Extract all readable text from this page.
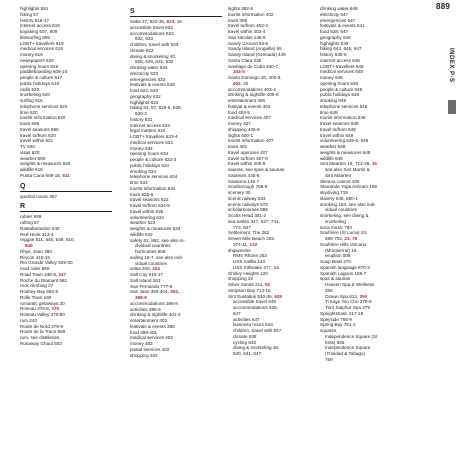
889
highlights 591
hiking 57
history 616-17
internet access 619
kayaking 607, 609
kitesurfing 596
LGBT+ travellers 619
medical services 619
money 619
newspapers 620
opening hours 619
paddleboarding 609-10
people & culture 617
public holidays 619
radio 620
snorkeling 620
surfing 615
telephone services 620
time 620
tourist information 620
tours 596
travel seasons 590
travel to/from 620
travel within 621
TV 620
visas 620
weather 590
weights & measures 620
wildlife 618
Punta Cana 609-15, 611
Q
quetzal music 357
R
rabies 869
rafting 57
Rastafarianism 548
Red Hook 313-4
reggae 511, 546, 549, 610,
648
Rhys, Jean 390
Rincón 415-16
Rio Grande Valley 529-30
road rules 866
Road Town 246-9, 247
Roche du Diamant 562
rock climbing 27
Rodney Bay 693-5
Rolle Town 190
romantic getaways 30
Roseau 376-8, 379
Roseau Valley 378-80
rum 243
Route de Nord 379-9
Route de la Trace 569
rum, see distilleries
Runaway Ghaut 503
S
Saba 27, 622-35, 623, 18
accessible travel 632
accommodations 622,
632, 633
children, travel with 633
climate 622
diving & snorkeling 40,
626, 628, 631, 632
drinking water 634
electricity 633
emergencies 633
festivals & events 628
food 622, 633
geography 632
highlights 623
hiking 33, 57, 625-6, 629,
630-3
history 631
internet access 633
legal matters 633
LGBT+ travellers 633-4
medical services 633
money 634
opening hours 634
people & culture 632-3
public holidays 634
smoking 634
telephone services 634
time 634
tourist information 634
tours 625-6
travel seasons 622
travel to/from 634-5
travel within 635
volunteering 634
weather 622
weights & measures 634
wildlife 632
safety 62, 862, see also in-
dividual countries
hurricanes 858
sailing 16-7, see also indi-
vidual countries
salsa 345, 324
Salt Cay 616-17
Salt Island 263
San Fernando 777-8
San Juan 392-404, 394,
398-9
accommodations 396-8
activities 395-6
drinking & nightlife 401-2
entertainment 402
festivals & events 396
food 399-401
medical services 402
money 402
postal services 402
shopping 402
sights 392-5
tourist information 402
tours 396
travel to/from 402-3
travel within 403-4
San Nicolas 145-6
Sandy Ground 83-5
Sandy Island (Anguilla) 95
Sandy Island (Grenada) 449
Santa Clara 335
Santiago de Cuba 340-7,
344-5
Santo Domingo 20, 400-9,
402, 20
accommodations 403-4
drinking & nightlife 405-6
entertainment 406
festival & events 403
food 404-5
medical services 407
money 407
shopping 406-9
sights 400-1
tourist information 407
tours 401
travel agencies 407
travel to/from 407-9
travel within 409-9
saunas, see spas & saunas
Sauteurs 445-6
Savanna 146-7
Scarborough 768-9
scenery 30
scenic railway 534
scenic railways 673
scholarsoomes 869
Scotts Head 381-2
sea turtles 447, 637, 741,
773, 847
Settlement, The 262
Seven Mile Beach 263,
274-11, 132
shipwrecks
RMS Rhone 263
USS Antilla 143
USS Kittiwake 277, 14
Shirley Heights 120
shopping 32
Silver Sands 211, 53
Simpson Bay 714-15
Sint Eustatius 630-45, 639
accessible travel 645
accommodations 638,
647
activities 647
business hours 643
children, travel with 647
climate 638
cycling 643
diving & snorkeling 48,
640, 641, 647
drinking water 648
electricity 647
emergencies 647
festivals & events 641
food 638, 647
geography 646
highlights 639
hiking 644, 645, 647
history 645-6
internet access 648
LGBT+ travellers 648
medical services 648
money 648
opening hours 648
people & culture 646
public holidays 648
smoking 648
telephone services 648
time 648
tourist information 649
travel seasons 638
travel to/from 649
travel within 649
volunteering 645-6, 649
weather 638
weights & measures 648
wildlife 646
Sint Maarten 19, 712-36, 15
see also Sint Martin &
Sint Maarten
Skeena cannot 305
Skaranda Yoga Ashram 169
skydiving 719
slavery 545, 850-1
smoking 163, see also indi-
vidual countries
snorkeling, see diving &
snorkeling
soca music 794
Soufrière (St Lucia) 23,
699-703, 23, 76
Soufrière Hills Volcano
(Montserrat) 16
eruption 508
Soup Bowl 270
Spanish language 870-3
Spanish Lagoon 186-7
spas & saunas
Heaven Spa & Wellness
256
Ocean Spa 614, 250
Ti Kaye Gio Cho 375-9
Tia's Sulphur Spa 379
Speightstown 217-18
Speyside 768-9
Spring Bay 761-2
squares
Independence Square (St
Kitts) 666
Independence Square
(Trinidad & Tobago)
759
INDEX P-S
